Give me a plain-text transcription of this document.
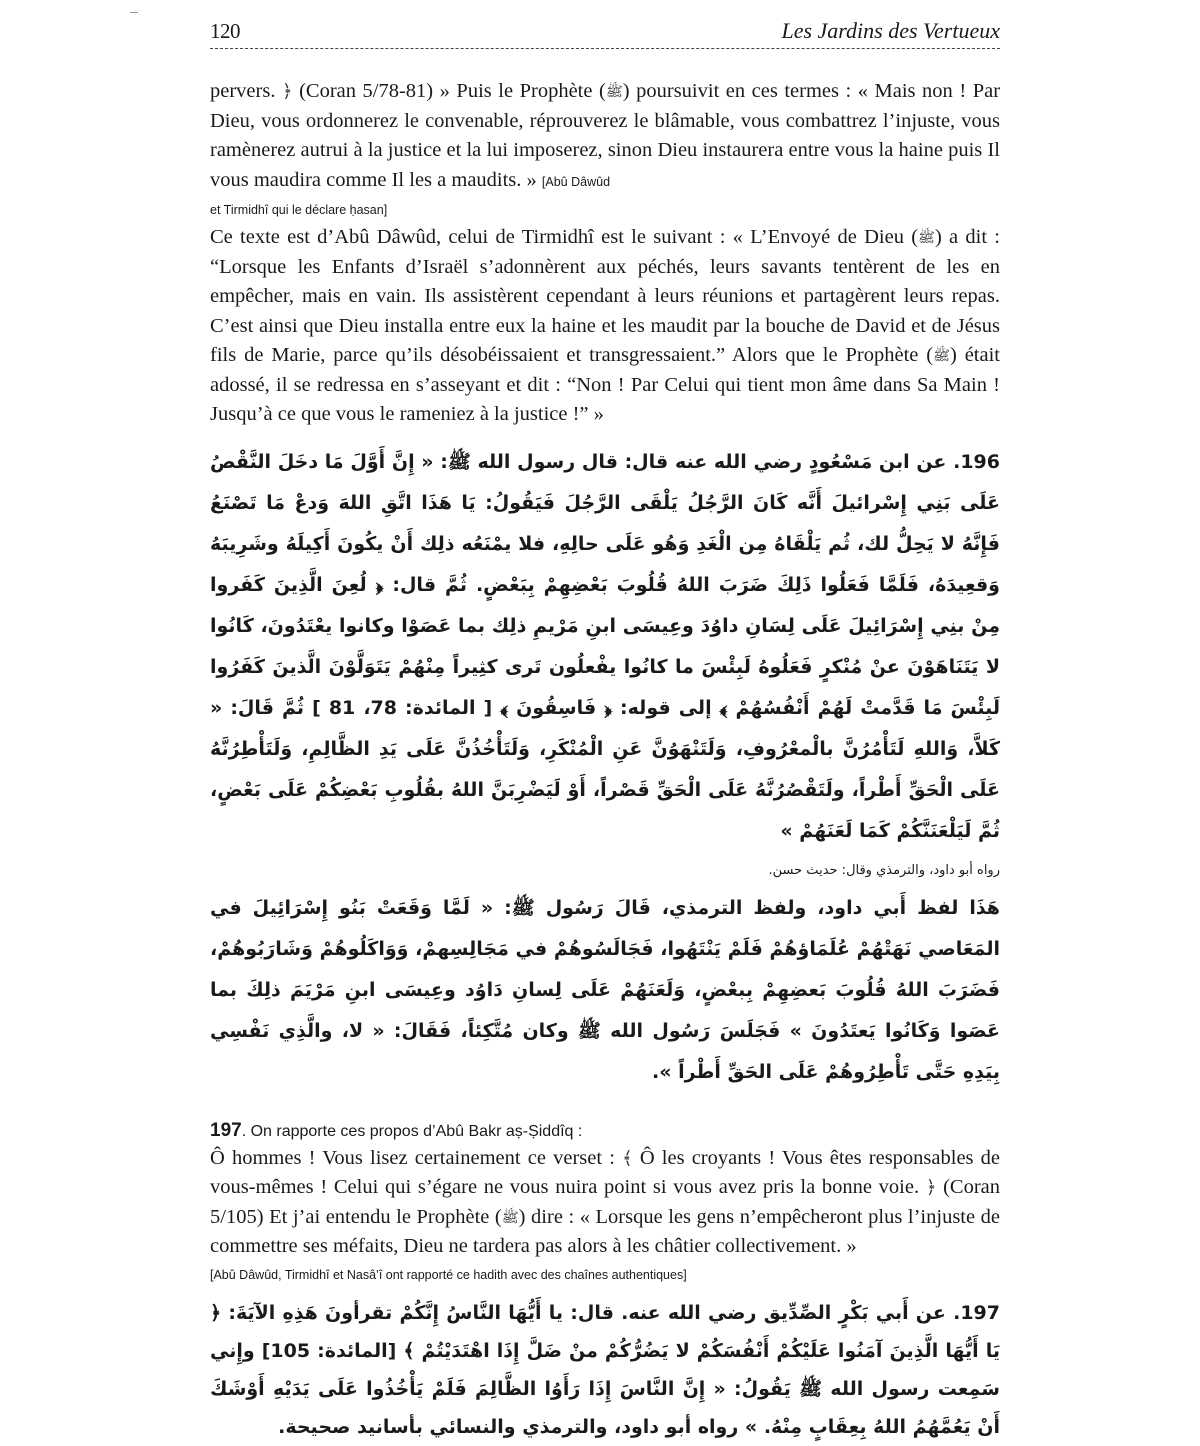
120	Les Jardins des Vertueux

pervers. ﴿ (Coran 5/78-81) » Puis le Prophète (ﷺ) poursuivit en ces termes : « Mais non ! Par Dieu, vous ordonnerez le convenable, réprouverez le blâmable, vous combattrez l’injuste, vous ramènerez autrui à la justice et la lui imposerez, sinon Dieu instaurera entre vous la haine puis Il vous maudira comme Il les a maudits. » [Abû Dâwûd

et Tirmidhî qui le déclare ḥasan]

Ce texte est d’Abû Dâwûd, celui de Tirmidhî est le suivant : « L’Envoyé de Dieu (ﷺ) a dit : “Lorsque les Enfants d’Israël s’adonnèrent aux péchés, leurs savants tentèrent de les en empêcher, mais en vain. Ils assistèrent cependant à leurs réunions et partagèrent leurs repas. C’est ainsi que Dieu installa entre eux la haine et les maudit par la bouche de David et de Jésus fils de Marie, parce qu’ils désobéissaient et transgressaient.” Alors que le Prophète (ﷺ) était adossé, il se redressa en s’asseyant et dit : “Non ! Par Celui qui tient mon âme dans Sa Main ! Jusqu’à ce que vous le rameniez à la justice !” »

196. عن ابن مَسْعُودٍ رضي الله عنه قال: قال رسول الله ﷺ: « إِنَّ أَوَّلَ مَا دخَلَ النَّقْصُ عَلَى بَنِي إِسْرائيلَ أَنَّه كَانَ الرَّجُلُ يَلْقَى الرَّجُلَ فَيَقُولُ: يَا هَذَا اتَّقِ اللهَ وَدعْ مَا تَصْنَعُ فَإِنَّهُ لا يَحِلُّ لك، ثُم يَلْقَاهُ مِن الْغَدِ وَهُو عَلَى حالِهِ، فلا يمْنَعُه ذلِك أَنْ يكُونَ أَكِيلَهُ وشَرِيبَهُ وَقعِيدَهُ، فَلَمَّا فَعَلُوا ذَلِكَ ضَرَبَ اللهُ قُلُوبَ بَعْضِهِمْ بِبَعْضٍ. ثُمَّ قال: ﴿ لُعِنَ الَّذِينَ كَفَروا مِنْ بنِي إِسْرَائِيلَ عَلَى لِسَانِ داوُدَ وعِيسَى ابنِ مَرْيمِ ذلِك بما عَصَوْا وكانوا يعْتَدُونَ، كَانُوا لا يَتَنَاهَوْنَ عنْ مُنْكرٍ فَعَلُوهُ لَبِئْسَ ما كانُوا يفْعلُون تَرى كثِيراً مِنْهُمْ يَتَوَلَّوْنَ الَّذينَ كَفَرُوا لَبِئْسَ مَا قَدَّمتْ لَهُمْ أَنْفُسُهُمْ ﴾ إلى قوله: ﴿ فَاسِقُونَ ﴾ [ المائدة: 78، 81 ] ثُمَّ قَالَ: « كَلاَّ، وَاللهِ لَتَأْمُرُنَّ بالْمعْرُوفِ، وَلَتَنْهَوُنَّ عَنِ الْمُنْكَرِ، وَلَتَأْخُذُنَّ عَلَى يَدِ الظَّالِمِ، وَلَتَأْطِرُنَّهُ عَلَى الْحَقِّ أَطْراً، ولَتَقْصُرُنَّهُ عَلَى الْحَقِّ قَصْراً، أَوْ لَيَضْرِبَنَّ اللهُ بقُلُوبِ بَعْضِكُمْ عَلَى بَعْضٍ، ثُمَّ لَيَلْعَنَنَّكُمْ كَمَا لَعَنَهُمْ »

رواه أبو داود، والترمذي وقال: حديث حسن.

هَذَا لفظ أَبي داود، ولفظ الترمذي، قَالَ رَسُول ﷺ: « لَمَّا وَقَعَتْ بَنُو إِسْرَائِيلَ في المَعَاصي نَهَتْهُمْ عُلَمَاؤهُمْ فَلَمْ يَنْتَهُوا، فَجَالَسُوهُمْ في مَجَالِسِهمْ، وَوَاكَلُوهُمْ وَشَارَبُوهُمْ، فَضَرَبَ اللهُ قُلُوبَ بَعضِهِمْ بِبعْضٍ، وَلَعَنَهُمْ عَلَى لِسانِ دَاوُد وعِيسَى ابنِ مَرْيَمَ ذلِكَ بما عَصَوا وَكَانُوا يَعتَدُونَ » فَجَلَسَ رَسُول الله ﷺ وكان مُتَّكِئاً، فَقَالَ: « لا، والَّذِي نَفْسِي بِيَدِهِ حَتَّى تَأْطِرُوهُمْ عَلَى الحَقِّ أَطْراً ».

197. On rapporte ces propos d’Abû Bakr aṣ-Ṣiddîq :

Ô hommes ! Vous lisez certainement ce verset : ﴾ Ô les croyants ! Vous êtes responsables de vous-mêmes ! Celui qui s’égare ne vous nuira point si vous avez pris la bonne voie. ﴿ (Coran 5/105) Et j’ai entendu le Prophète (ﷺ) dire : « Lorsque les gens n’empêcheront plus l’injuste de commettre ses méfaits, Dieu ne tardera pas alors à les châtier collectivement. »

[Abû Dâwûd, Tirmidhî et Nasâ’î ont rapporté ce hadith avec des chaînes authentiques]

197. عن أَبي بَكْرٍ الصِّدِّيق رضي الله عنه. قال: يا أَيُّهَا النَّاسُ إِنَّكُمْ تقرأونَ هَذِهِ الآيَةَ: ﴿ يَا أَيُّهَا الَّذِينَ آمَنُوا عَلَيْكُمْ أَنْفُسَكُمْ لا يَضُرُّكُمْ منْ ضَلَّ إِذَا اهْتَدَيْتُمْ ﴾ [المائدة: 105] وإِني سَمِعت رسول الله ﷺ يَقُولُ: « إِنَّ النَّاسَ إِذَا رَأَوُا الظَّالِمَ فَلَمْ يَأْخُذُوا عَلَى يَدَيْهِ أَوْشَكَ أَنْ يَعُمَّهُمُ اللهُ بِعِقَابٍ مِنْهُ. » رواه أبو داود، والترمذي والنسائي بأسانيد صحيحة.
